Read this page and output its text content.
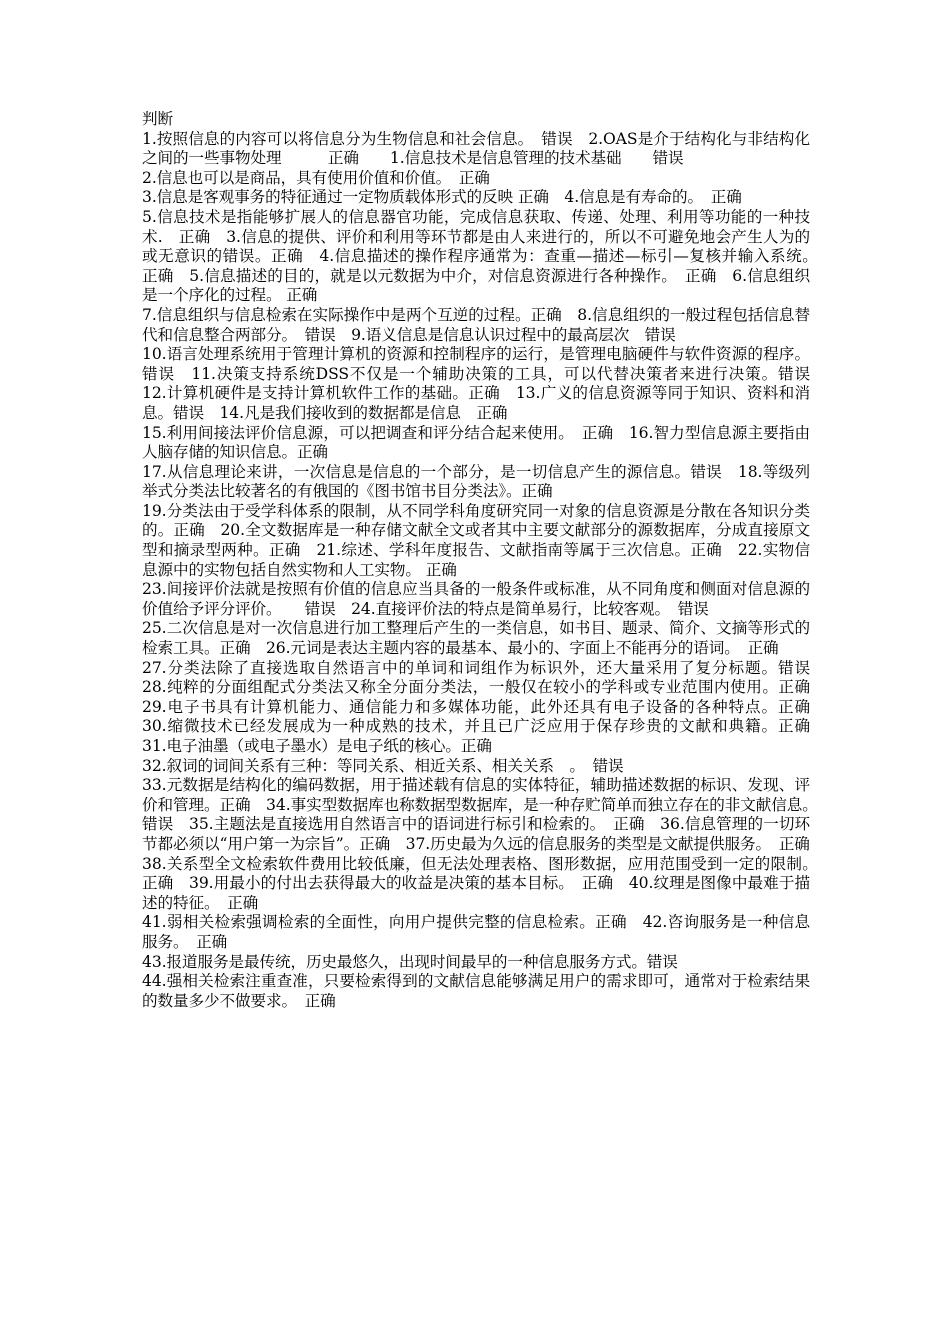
判断

1.按照信息的内容可以将信息分为生物信息和社会信息。　错误　2.OAS是介于结构化与非结构化之间的一些事物处理　　　正确　　1.信息技术是信息管理的技术基础　　错误

2.信息也可以是商品，具有使用价值和价值。　正确

3.信息是客观事务的特征通过一定物质载体形式的反映 正确　4.信息是有寿命的。　正确

5.信息技术是指能够扩展人的信息器官功能，完成信息获取、传递、处理、利用等功能的一种技术.　正确　3.信息的提供、评价和利用等环节都是由人来进行的，所以不可避免地会产生人为的或无意识的错误。正确　4.信息描述的操作程序通常为：查重—描述—标引—复核并输入系统。　正确　5.信息描述的目的，就是以元数据为中介，对信息资源进行各种操作。　正确　6.信息组织是一个序化的过程。 正确

7.信息组织与信息检索在实际操作中是两个互逆的过程。正确　8.信息组织的一般过程包括信息替代和信息整合两部分。　错误　9.语义信息是信息认识过程中的最高层次　错误

10.语言处理系统用于管理计算机的资源和控制程序的运行，是管理电脑硬件与软件资源的程序。错误　11.决策支持系统DSS不仅是一个辅助决策的工具，可以代替决策者来进行决策。错误　12.计算机硬件是支持计算机软件工作的基础。正确　13.广义的信息资源等同于知识、资料和消息。错误　14.凡是我们接收到的数据都是信息　正确

15.利用间接法评价信息源，可以把调查和评分结合起来使用。　正确　16.智力型信息源主要指由人脑存储的知识信息。正确

17.从信息理论来讲，一次信息是信息的一个部分，是一切信息产生的源信息。错误　18.等级列举式分类法比较著名的有俄国的《图书馆书目分类法》。正确

19.分类法由于受学科体系的限制，从不同学科角度研究同一对象的信息资源是分散在各知识分类的。正确　20.全文数据库是一种存储文献全文或者其中主要文献部分的源数据库，分成直接原文型和摘录型两种。正确　21.综述、学科年度报告、文献指南等属于三次信息。正确　22.实物信息源中的实物包括自然实物和人工实物。 正确

23.间接评价法就是按照有价值的信息应当具备的一般条件或标准，从不同角度和侧面对信息源的价值给予评分评价。　　错误　24.直接评价法的特点是简单易行，比较客观。　错误

25.二次信息是对一次信息进行加工整理后产生的一类信息，如书目、题录、简介、文摘等形式的检索工具。正确　26.元词是表达主题内容的最基本、最小的、字面上不能再分的语词。　正确

27.分类法除了直接选取自然语言中的单词和词组作为标识外，还大量采用了复分标题。错误　28.纯粹的分面组配式分类法又称全分面分类法，一般仅在较小的学科或专业范围内使用。正确　　29.电子书具有计算机能力、通信能力和多媒体功能，此外还具有电子设备的各种特点。正确　30.缩微技术已经发展成为一种成熟的技术，并且已广泛应用于保存珍贵的文献和典籍。正确　31.电子油墨（或电子墨水）是电子纸的核心。正确

32.叙词的词间关系有三种：等同关系、相近关系、相关关系　。　错误

33.元数据是结构化的编码数据，用于描述载有信息的实体特征，辅助描述数据的标识、发现、评价和管理。正确　34.事实型数据库也称数据型数据库，是一种存贮简单而独立存在的非文献信息。　错误　35.主题法是直接选用自然语言中的语词进行标引和检索的。　正确　36.信息管理的一切环节都必须以“用户第一为宗旨”。正确　37.历史最为久远的信息服务的类型是文献提供服务。　正确

38.关系型全文检索软件费用比较低廉，但无法处理表格、图形数据，应用范围受到一定的限制。　正确　39.用最小的付出去获得最大的收益是决策的基本目标。　正确　40.纹理是图像中最难于描述的特征。　正确

41.弱相关检索强调检索的全面性，向用户提供完整的信息检索。正确　42.咨询服务是一种信息服务。　正确

43.报道服务是最传统，历史最悠久，出现时间最早的一种信息服务方式。错误

44.强相关检索注重查准，只要检索得到的文献信息能够满足用户的需求即可，通常对于检索结果的数量多少不做要求。　正确
